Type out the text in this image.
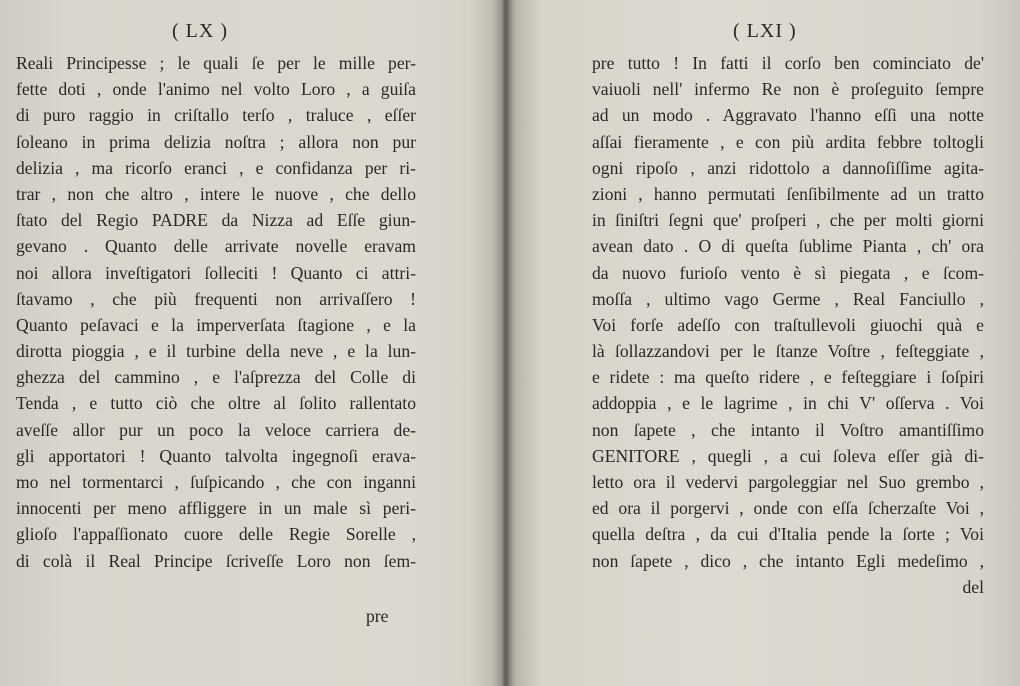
( LX )
Reali Principesse ; le quali ſe per le mille per-
fette doti , onde l'animo nel volto Loro , a guiſa
di puro raggio in criſtallo terſo , traluce , eſſer
ſoleano in prima delizia noſtra ; allora non pur
delizia , ma ricorſo eranci , e confidanza per ri-
trar , non che altro , intere le nuove , che dello
ſtato del Regio PADRE da Nizza ad Eſſe giun-
gevano . Quanto delle arrivate novelle eravam
noi allora inveſtigatori ſolleciti ! Quanto ci attri-
ſtavamo , che più frequenti non arrivaſſero !
Quanto peſavaci e la imperverſata ſtagione , e la
dirotta pioggia , e il turbine della neve , e la lun-
ghezza del cammino , e l'aſprezza del Colle di
Tenda , e tutto ciò che oltre al ſolito rallentato
aveſſe allor pur un poco la veloce carriera de-
gli apportatori ! Quanto talvolta ingegnoſi erava-
mo nel tormentarci , ſuſpicando , che con inganni
innocenti per meno affliggere in un male sì peri-
glioſo l'appaſſionato cuore delle Regie Sorelle ,
di colà il Real Principe ſcriveſſe Loro non ſem-
pre
( LXI )
pre tutto ! In fatti il corſo ben cominciato de'
vaiuoli nell' infermo Re non è proſeguito ſempre
ad un modo . Aggravato l'hanno eſſi una notte
aſſai fieramente , e con più ardita febbre toltogli
ogni ripoſo , anzi ridottolo a dannoſiſſime agita-
zioni , hanno permutati ſenſibilmente ad un tratto
in ſiniſtri ſegni que' proſperi , che per molti giorni
avean dato . O di queſta ſublime Pianta , ch' ora
da nuovo furioſo vento è sì piegata , e ſcom-
moſſa , ultimo vago Germe , Real Fanciullo ,
Voi forſe adeſſo con traſtullevoli giuochi quà e
là ſollazzandovi per le ſtanze Voſtre , feſteggiate ,
e ridete : ma queſto ridere , e feſteggiare i ſoſpiri
addoppia , e le lagrime , in chi V' oſſerva . Voi
non ſapete , che intanto il Voſtro amantiſſimo
GENITORE , quegli , a cui ſoleva eſſer già di-
letto ora il vedervi pargoleggiar nel Suo grembo ,
ed ora il porgervi , onde con eſſa ſcherzaſte Voi ,
quella deſtra , da cui d'Italia pende la ſorte ; Voi
non ſapete , dico , che intanto Egli medeſimo ,
del
